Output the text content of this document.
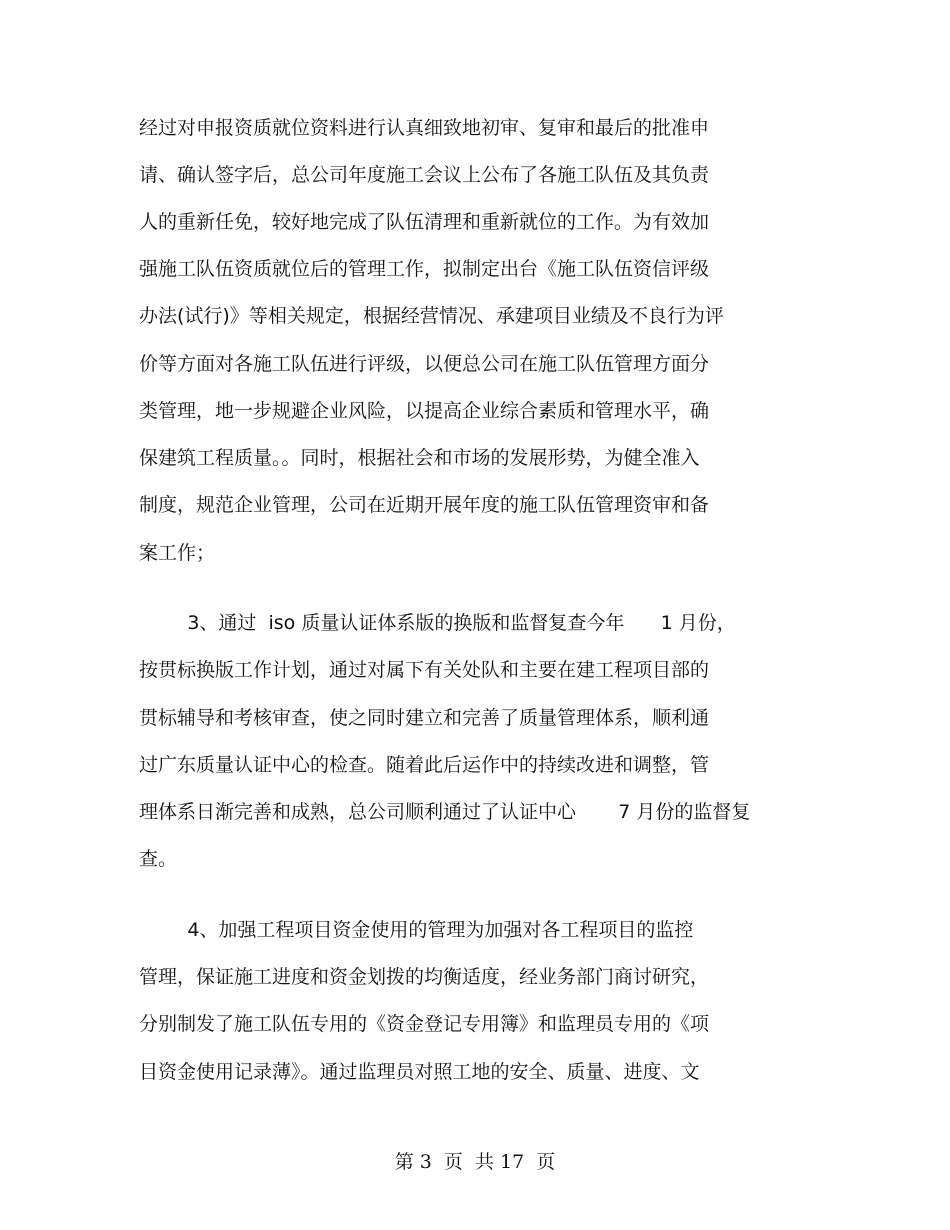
经过对申报资质就位资料进行认真细致地初审、复审和最后的批准申
请、确认签字后，总公司年度施工会议上公布了各施工队伍及其负责
人的重新任免，较好地完成了队伍清理和重新就位的工作。为有效加
强施工队伍资质就位后的管理工作，拟制定出台《施工队伍资信评级
办法(试行)》等相关规定，根据经营情况、承建项目业绩及不良行为评
价等方面对各施工队伍进行评级，以便总公司在施工队伍管理方面分
类管理，地一步规避企业风险，以提高企业综合素质和管理水平，确
保建筑工程质量。。同时，根据社会和市场的发展形势，为健全准入
制度，规范企业管理，公司在近期开展年度的施工队伍管理资审和备
案工作；
3、通过  iso 质量认证体系版的换版和监督复查今年      1 月份，
按贯标换版工作计划，通过对属下有关处队和主要在建工程项目部的
贯标辅导和考核审查，使之同时建立和完善了质量管理体系，顺利通
过广东质量认证中心的检查。随着此后运作中的持续改进和调整，管
理体系日渐完善和成熟，总公司顺利通过了认证中心       7 月份的监督复
查。
4、加强工程项目资金使用的管理为加强对各工程项目的监控
管理，保证施工进度和资金划拨的均衡适度，经业务部门商讨研究，
分别制发了施工队伍专用的《资金登记专用簿》和监理员专用的《项
目资金使用记录薄》。通过监理员对照工地的安全、质量、进度、文
第 3  页  共 17  页
